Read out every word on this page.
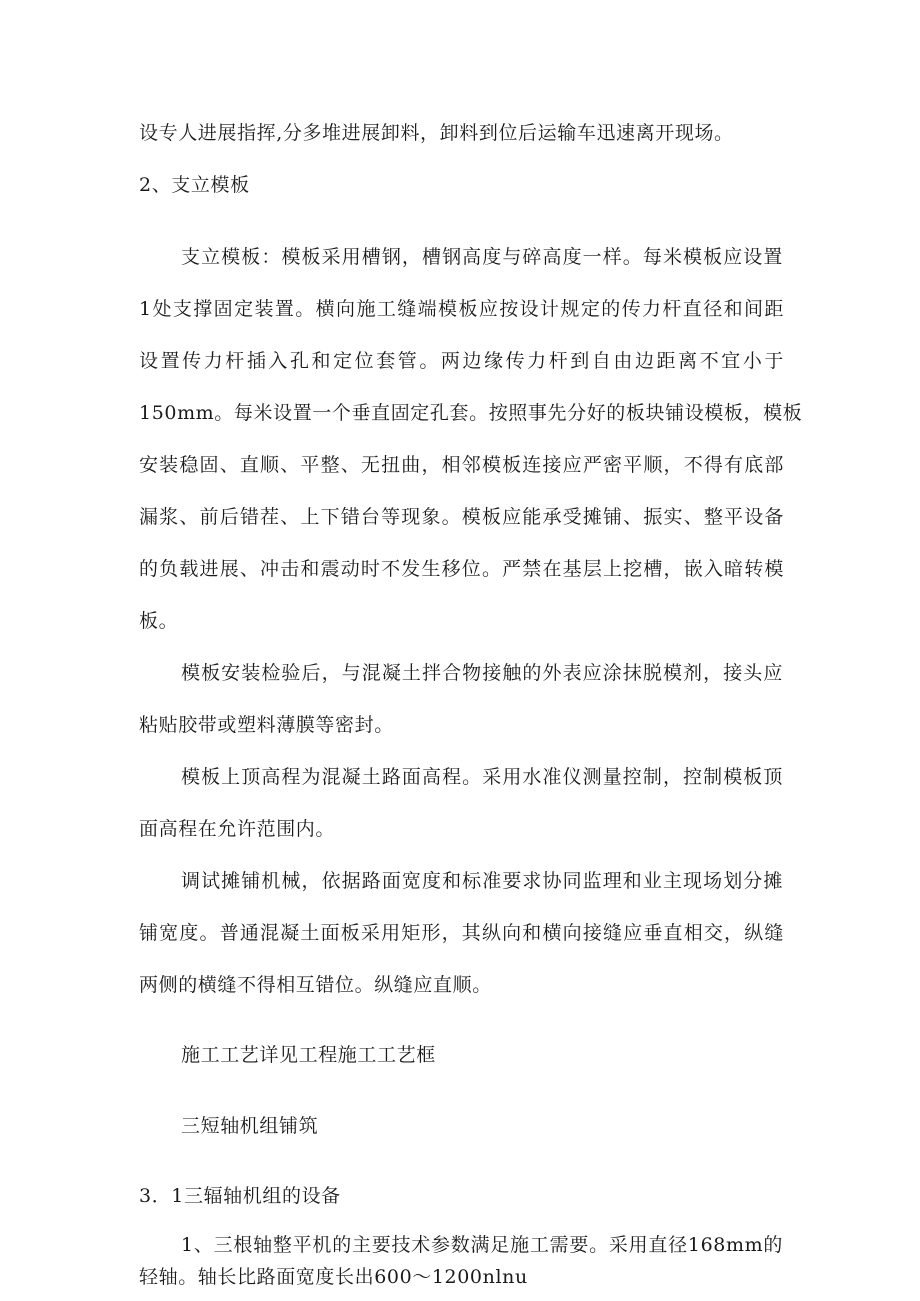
设专人进展指挥,分多堆进展卸料，卸料到位后运输车迅速离开现场。
2、支立模板
支立模板：模板采用槽钢，槽钢高度与碎高度一样。每米模板应设置
1处支撑固定装置。横向施工缝端模板应按设计规定的传力杆直径和间距
设置传力杆插入孔和定位套管。两边缘传力杆到自由边距离不宜小于
150mm。每米设置一个垂直固定孔套。按照事先分好的板块铺设模板，模板
安装稳固、直顺、平整、无扭曲，相邻模板连接应严密平顺，不得有底部
漏浆、前后错茬、上下错台等现象。模板应能承受摊铺、振实、整平设备
的负载进展、冲击和震动时不发生移位。严禁在基层上挖槽，嵌入暗转模
板。
模板安装检验后，与混凝土拌合物接触的外表应涂抹脱模剂，接头应
粘贴胶带或塑料薄膜等密封。
模板上顶高程为混凝土路面高程。采用水准仪测量控制，控制模板顶
面高程在允许范围内。
调试摊铺机械，依据路面宽度和标准要求协同监理和业主现场划分摊
铺宽度。普通混凝土面板采用矩形，其纵向和横向接缝应垂直相交，纵缝
两侧的横缝不得相互错位。纵缝应直顺。
施工工艺详见工程施工工艺框
三短轴机组铺筑
3．1三辐轴机组的设备
1、三根轴整平机的主要技术参数满足施工需要。采用直径168mm的
轻轴。轴长比路面宽度长出600～1200nlnu
